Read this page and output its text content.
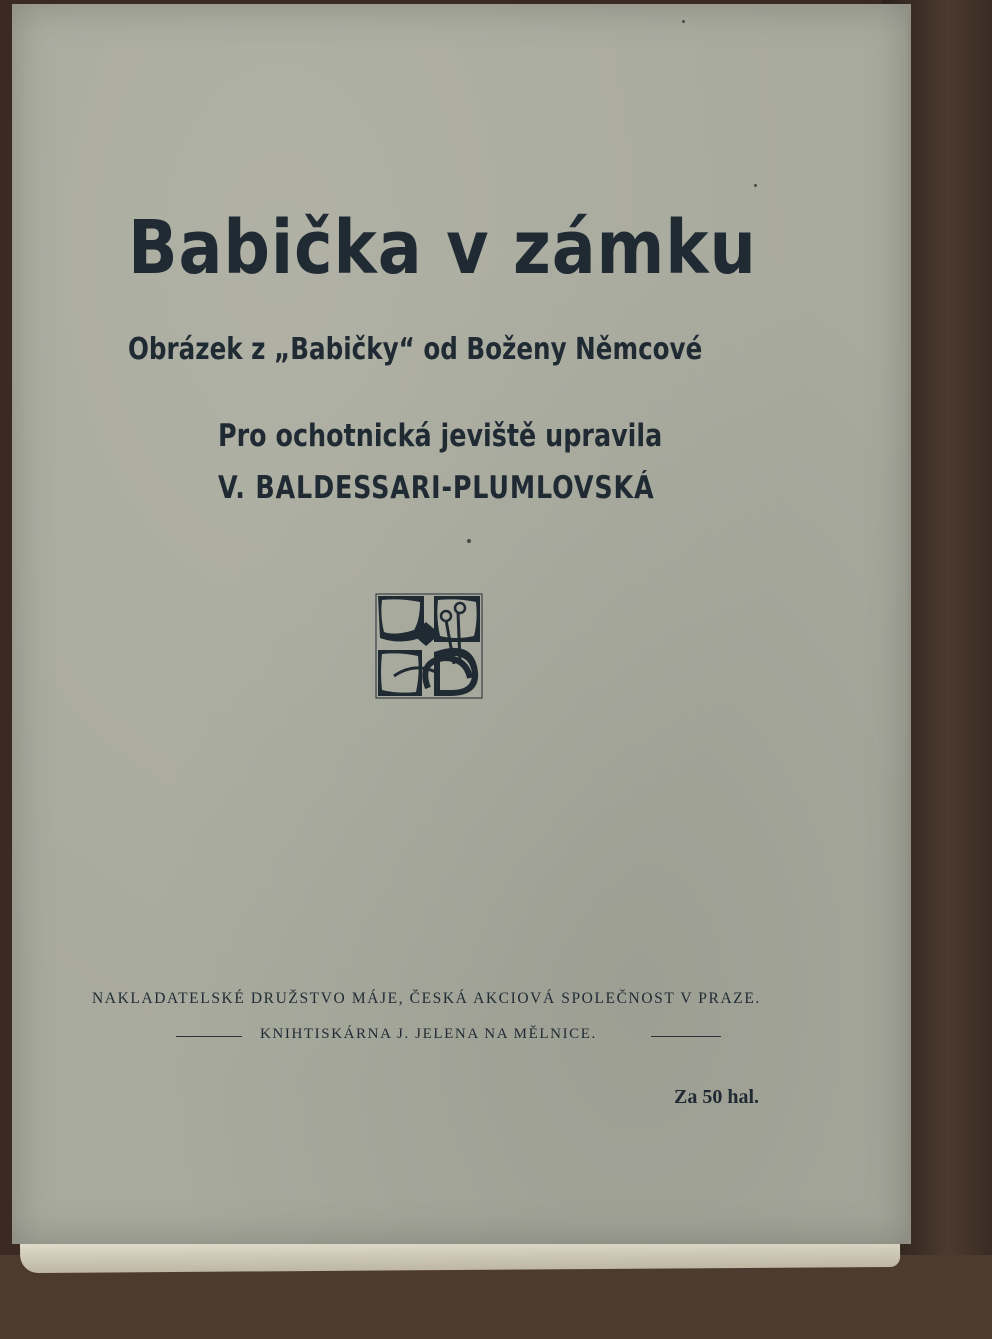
Babička v zámku
Obrázek z „Babičky“ od Boženy Němcové
Pro ochotnická jeviště upravila
V. BALDESSARI-PLUMLOVSKÁ
NAKLADATELSKÉ DRUŽSTVO MÁJE, ČESKÁ AKCIOVÁ SPOLEČNOST V PRAZE.
KNIHTISKÁRNA J. JELENA NA MĚLNICE.
Za 50 hal.
